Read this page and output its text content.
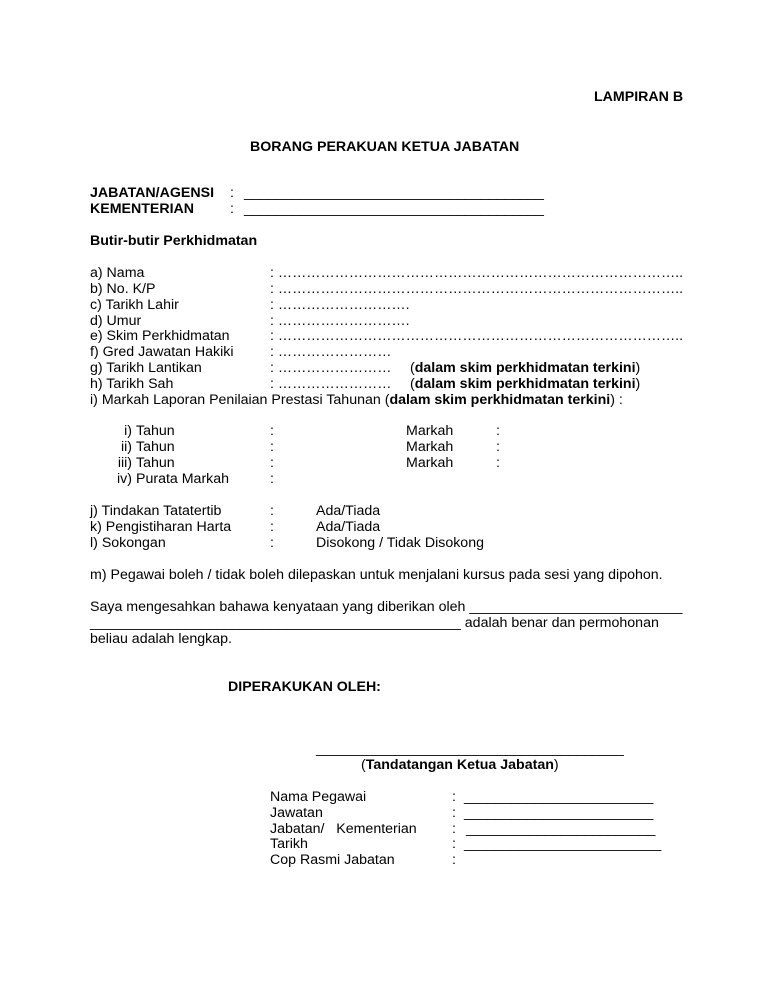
LAMPIRAN B
BORANG PERAKUAN KETUA JABATAN
JABATAN/AGENSI : ______________________________________
KEMENTERIAN	: ______________________________________
Butir-butir Perkhidmatan
a) Nama	: …………………………………………………………………………..
b) No. K/P	: …………………………………………………………………………..
c) Tarikh Lahir	: ……………………….
d) Umur	: ……………………….
e) Skim Perkhidmatan	: …………………………………………………………………………..
f) Gred Jawatan Hakiki	: ……………………
g) Tarikh Lantikan	: …………………… (dalam skim perkhidmatan terkini)
h) Tarikh Sah	: …………………… (dalam skim perkhidmatan terkini)
i) Markah Laporan Penilaian Prestasi Tahunan (dalam skim perkhidmatan terkini) :
i) Tahun	:	Markah	:
ii) Tahun	:	Markah	:
iii) Tahun	:	Markah	:
iv) Purata Markah	:
j) Tindakan Tatatertib	:	Ada/Tiada
k) Pengistiharan Harta	:	Ada/Tiada
l) Sokongan	:	Disokong / Tidak Disokong
m) Pegawai boleh / tidak boleh dilepaskan untuk menjalani kursus pada sesi yang dipohon.
Saya mengesahkan bahawa kenyataan yang diberikan oleh ___________________________
_______________________________________________ adalah benar dan permohonan
beliau adalah lengkap.
DIPERAKUKAN OLEH:
_______________________________________
(Tandatangan Ketua Jabatan)
Nama Pegawai	: ________________________
Jawatan	: ________________________
Jabatan/   Kementerian : ________________________
Tarikh	: _________________________
Cop Rasmi Jabatan	:
